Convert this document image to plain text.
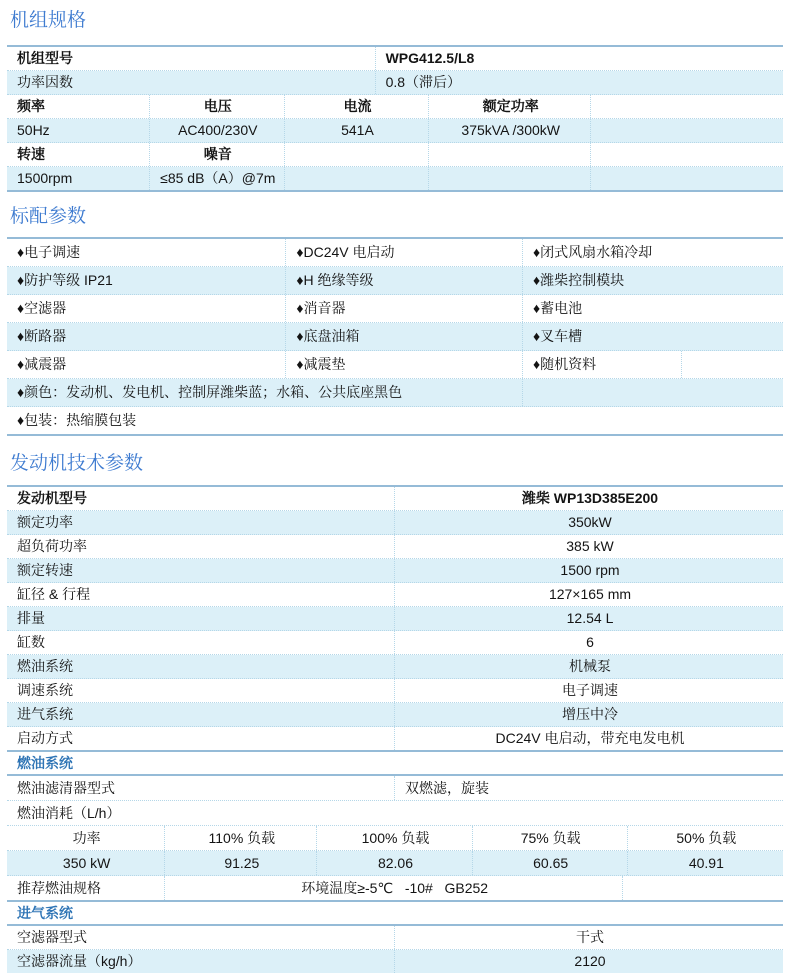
机组规格
机组型号	WPG412.5/L8
功率因数	0.8（滞后）
频率	电压	电流	额定功率
50Hz	AC400/230V	541A	375kVA /300kW
转速	噪音
1500rpm	≤85 dB（A）@7m
标配参数
♦电子调速	♦DC24V 电启动	♦闭式风扇水箱冷却
♦防护等级 IP21	♦H 绝缘等级	♦潍柴控制模块
♦空滤器	♦消音器	♦蓄电池
♦断路器	♦底盘油箱	♦叉车槽
♦减震器	♦减震垫	♦随机资料
♦颜色：发动机、发电机、控制屏潍柴蓝；水箱、公共底座黑色
♦包装：热缩膜包装
发动机技术参数
发动机型号	潍柴 WP13D385E200
额定功率	350kW
超负荷功率	385 kW
额定转速	1500 rpm
缸径 & 行程	127×165 mm
排量	12.54 L
缸数	6
燃油系统	机械泵
调速系统	电子调速
进气系统	增压中冷
启动方式	DC24V 电启动，带充电发电机
燃油系统
燃油滤清器型式	双燃滤，旋装
燃油消耗（L/h）
功率	110% 负载	100% 负载	75% 负载	50% 负载
350 kW	91.25	82.06	60.65	40.91
推荐燃油规格	环境温度≥-5℃   -10#   GB252
进气系统
空滤器型式	干式
空滤器流量（kg/h）	2120
